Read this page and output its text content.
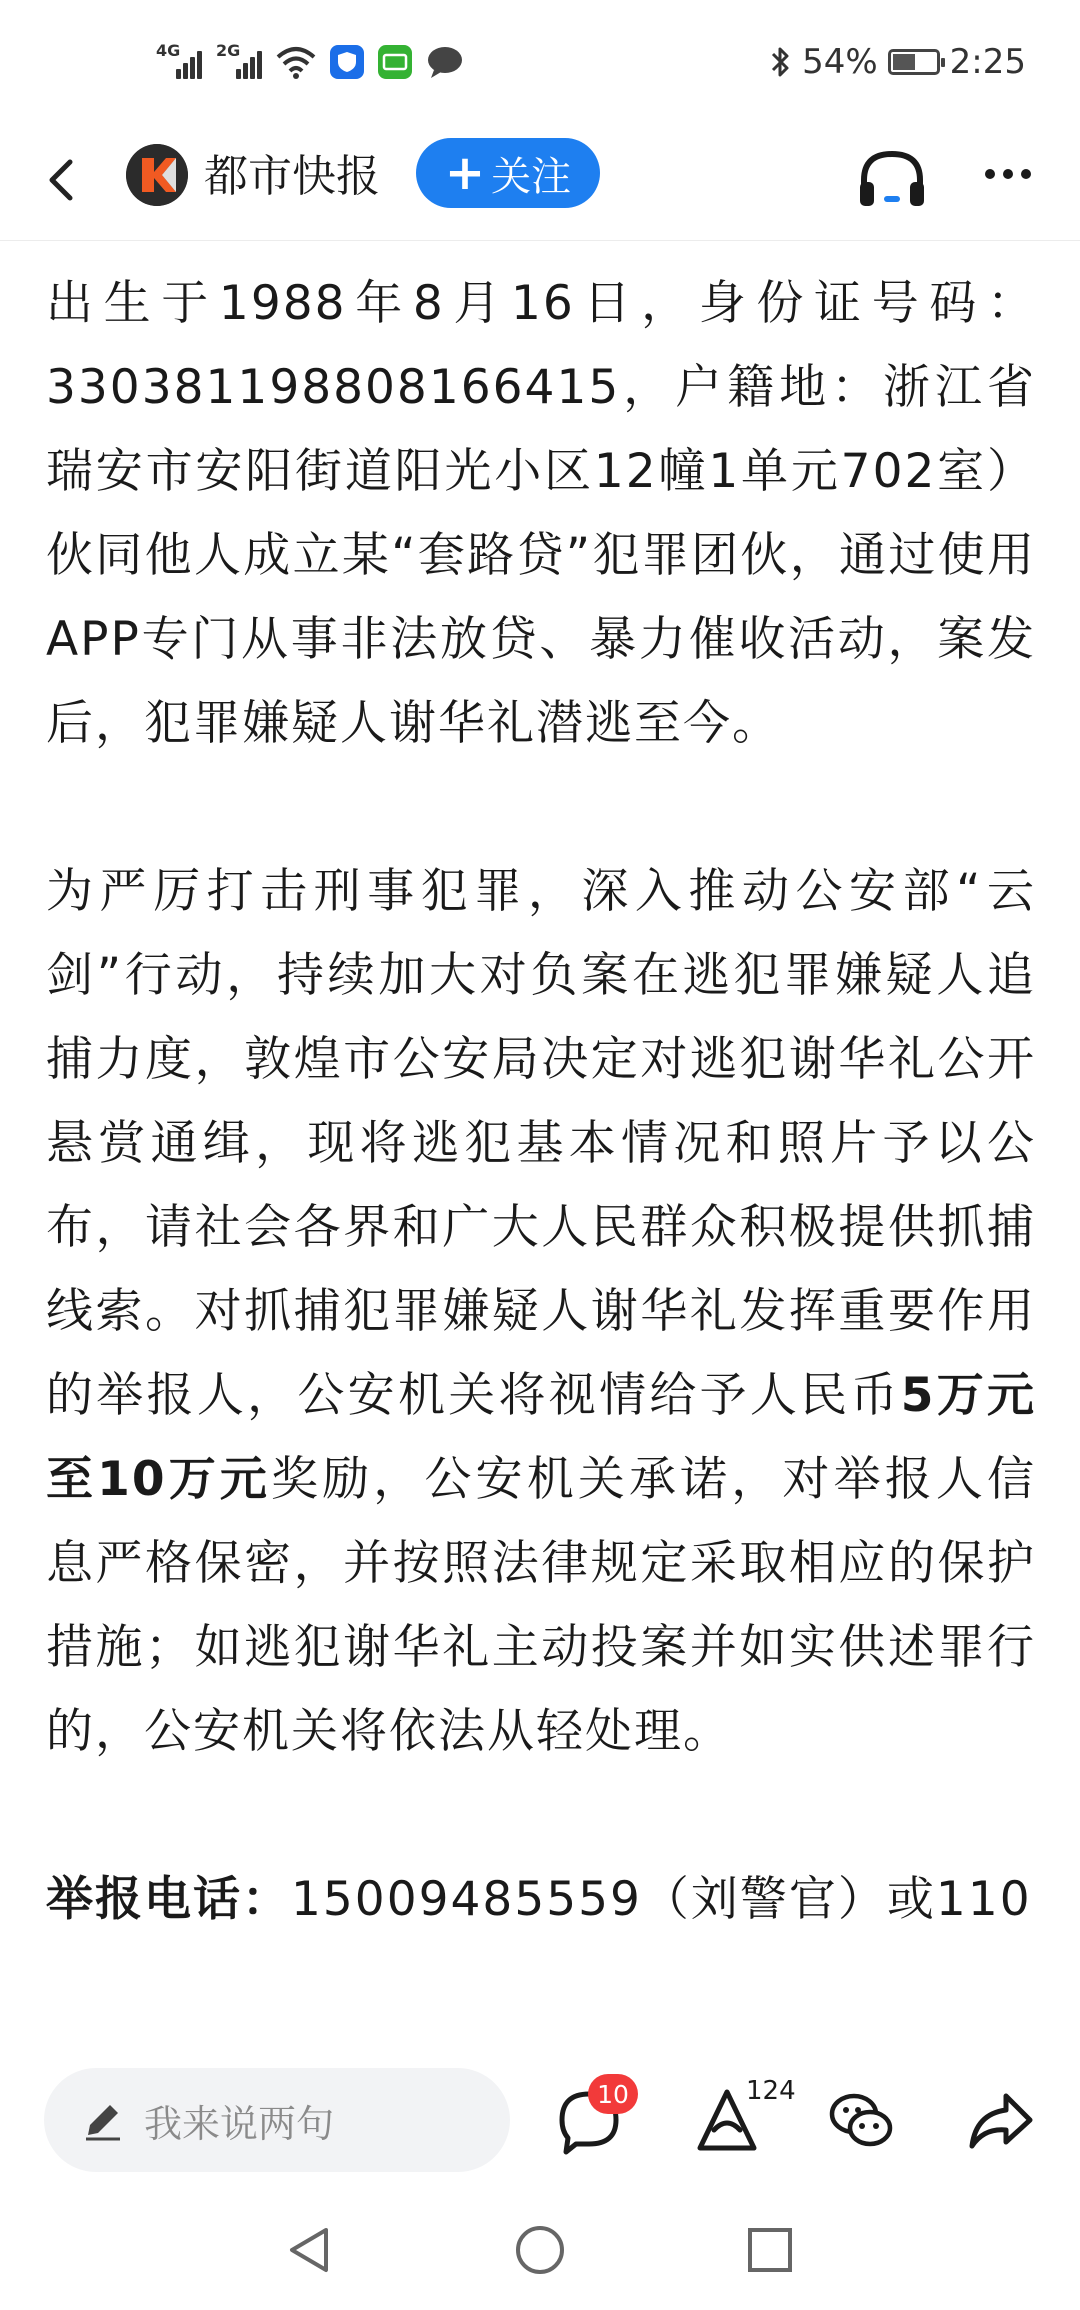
4G 2G	54% 2:25
都市快报 + 关注

出生于1988年8月16日，身份证号码：330381198808166415，户籍地：浙江省瑞安市安阳街道阳光小区12幢1单元702室）伙同他人成立某“套路贷”犯罪团伙，通过使用APP专门从事非法放贷、暴力催收活动，案发后，犯罪嫌疑人谢华礼潜逃至今。

为严厉打击刑事犯罪，深入推动公安部“云剑”行动，持续加大对负案在逃犯罪嫌疑人追捕力度，敦煌市公安局决定对逃犯谢华礼公开悬赏通缉，现将逃犯基本情况和照片予以公布，请社会各界和广大人民群众积极提供抓捕线索。对抓捕犯罪嫌疑人谢华礼发挥重要作用的举报人，公安机关将视情给予人民币5万元至10万元奖励，公安机关承诺，对举报人信息严格保密，并按照法律规定采取相应的保护措施；如逃犯谢华礼主动投案并如实供述罪行的，公安机关将依法从轻处理。

举报电话：15009485559（刘警官）或110

我来说两句
10	124
